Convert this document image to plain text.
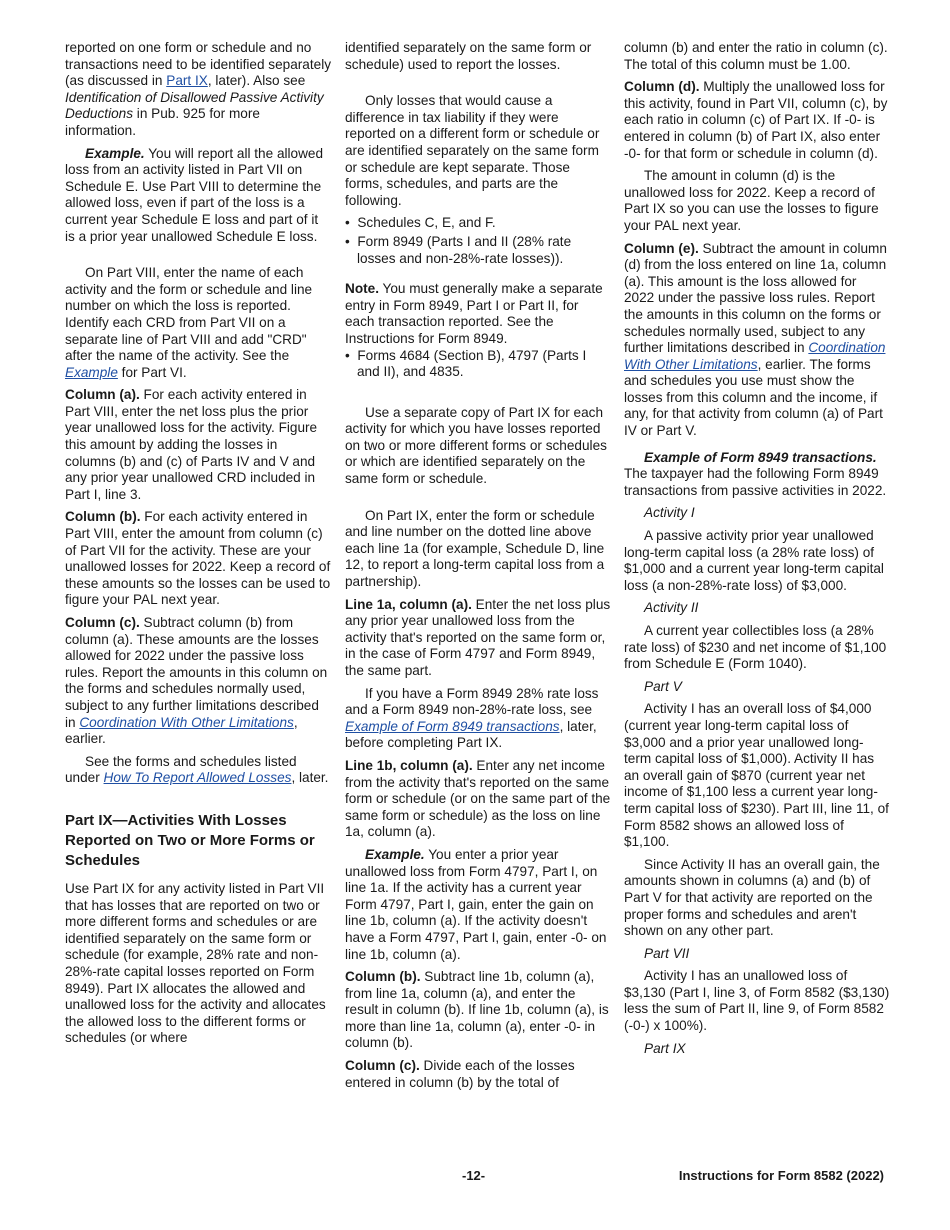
reported on one form or schedule and no transactions need to be identified separately (as discussed in Part IX, later). Also see Identification of Disallowed Passive Activity Deductions in Pub. 925 for more information.

Example. You will report all the allowed loss from an activity listed in Part VII on Schedule E. Use Part VIII to determine the allowed loss, even if part of the loss is a current year Schedule E loss and part of it is a prior year unallowed Schedule E loss.

On Part VIII, enter the name of each activity and the form or schedule and line number on which the loss is reported. Identify each CRD from Part VII on a separate line of Part VIII and add "CRD" after the name of the activity. See the Example for Part VI.

Column (a). For each activity entered in Part VIII, enter the net loss plus the prior year unallowed loss for the activity. Figure this amount by adding the losses in columns (b) and (c) of Parts IV and V and any prior year unallowed CRD included in Part I, line 3.

Column (b). For each activity entered in Part VIII, enter the amount from column (c) of Part VII for the activity. These are your unallowed losses for 2022. Keep a record of these amounts so the losses can be used to figure your PAL next year.

Column (c). Subtract column (b) from column (a). These amounts are the losses allowed for 2022 under the passive loss rules. Report the amounts in this column on the forms and schedules normally used, subject to any further limitations described in Coordination With Other Limitations, earlier.

See the forms and schedules listed under How To Report Allowed Losses, later.

Part IX—Activities With Losses Reported on Two or More Forms or Schedules

Use Part IX for any activity listed in Part VII that has losses that are reported on two or more different forms and schedules or are identified separately on the same form or schedule (for example, 28% rate and non-28%-rate capital losses reported on Form 8949). Part IX allocates the allowed and unallowed loss for the activity and allocates the allowed loss to the different forms or schedules (or where

identified separately on the same form or schedule) used to report the losses.

Only losses that would cause a difference in tax liability if they were reported on a different form or schedule or are identified separately on the same form or schedule are kept separate. Those forms, schedules, and parts are the following.

•  Schedules C, E, and F.

•  Form 8949 (Parts I and II (28% rate losses and non-28%-rate losses)).

Note. You must generally make a separate entry in Form 8949, Part I or Part II, for each transaction reported. See the Instructions for Form 8949.

•  Forms 4684 (Section B), 4797 (Parts I and II), and 4835.

Use a separate copy of Part IX for each activity for which you have losses reported on two or more different forms or schedules or which are identified separately on the same form or schedule.

On Part IX, enter the form or schedule and line number on the dotted line above each line 1a (for example, Schedule D, line 12, to report a long-term capital loss from a partnership).

Line 1a, column (a). Enter the net loss plus any prior year unallowed loss from the activity that's reported on the same form or, in the case of Form 4797 and Form 8949, the same part.

If you have a Form 8949 28% rate loss and a Form 8949 non-28%-rate loss, see Example of Form 8949 transactions, later, before completing Part IX.

Line 1b, column (a). Enter any net income from the activity that's reported on the same form or schedule (or on the same part of the same form or schedule) as the loss on line 1a, column (a).

Example. You enter a prior year unallowed loss from Form 4797, Part I, on line 1a. If the activity has a current year Form 4797, Part I, gain, enter the gain on line 1b, column (a). If the activity doesn't have a Form 4797, Part I, gain, enter -0- on line 1b, column (a).

Column (b). Subtract line 1b, column (a), from line 1a, column (a), and enter the result in column (b). If line 1b, column (a), is more than line 1a, column (a), enter -0- in column (b).

Column (c). Divide each of the losses entered in column (b) by the total of

column (b) and enter the ratio in column (c). The total of this column must be 1.00.

Column (d). Multiply the unallowed loss for this activity, found in Part VII, column (c), by each ratio in column (c) of Part IX. If -0- is entered in column (b) of Part IX, also enter -0- for that form or schedule in column (d).

The amount in column (d) is the unallowed loss for 2022. Keep a record of Part IX so you can use the losses to figure your PAL next year.

Column (e). Subtract the amount in column (d) from the loss entered on line 1a, column (a). This amount is the loss allowed for 2022 under the passive loss rules. Report the amounts in this column on the forms or schedules normally used, subject to any further limitations described in Coordination With Other Limitations, earlier. The forms and schedules you use must show the losses from this column and the income, if any, for that activity from column (a) of Part IV or Part V.

Example of Form 8949 transactions. The taxpayer had the following Form 8949 transactions from passive activities in 2022.

Activity I

A passive activity prior year unallowed long-term capital loss (a 28% rate loss) of $1,000 and a current year long-term capital loss (a non-28%-rate loss) of $3,000.

Activity II

A current year collectibles loss (a 28% rate loss) of $230 and net income of $1,100 from Schedule E (Form 1040).

Part V

Activity I has an overall loss of $4,000 (current year long-term capital loss of $3,000 and a prior year unallowed long-term capital loss of $1,000). Activity II has an overall gain of $870 (current year net income of $1,100 less a current year long-term capital loss of $230). Part III, line 11, of Form 8582 shows an allowed loss of $1,100.

Since Activity II has an overall gain, the amounts shown in columns (a) and (b) of Part V for that activity are reported on the proper forms and schedules and aren't shown on any other part.

Part VII

Activity I has an unallowed loss of $3,130 (Part I, line 3, of Form 8582 ($3,130) less the sum of Part II, line 9, of Form 8582 (-0-) x 100%).

Part IX

-12-	Instructions for Form 8582 (2022)
